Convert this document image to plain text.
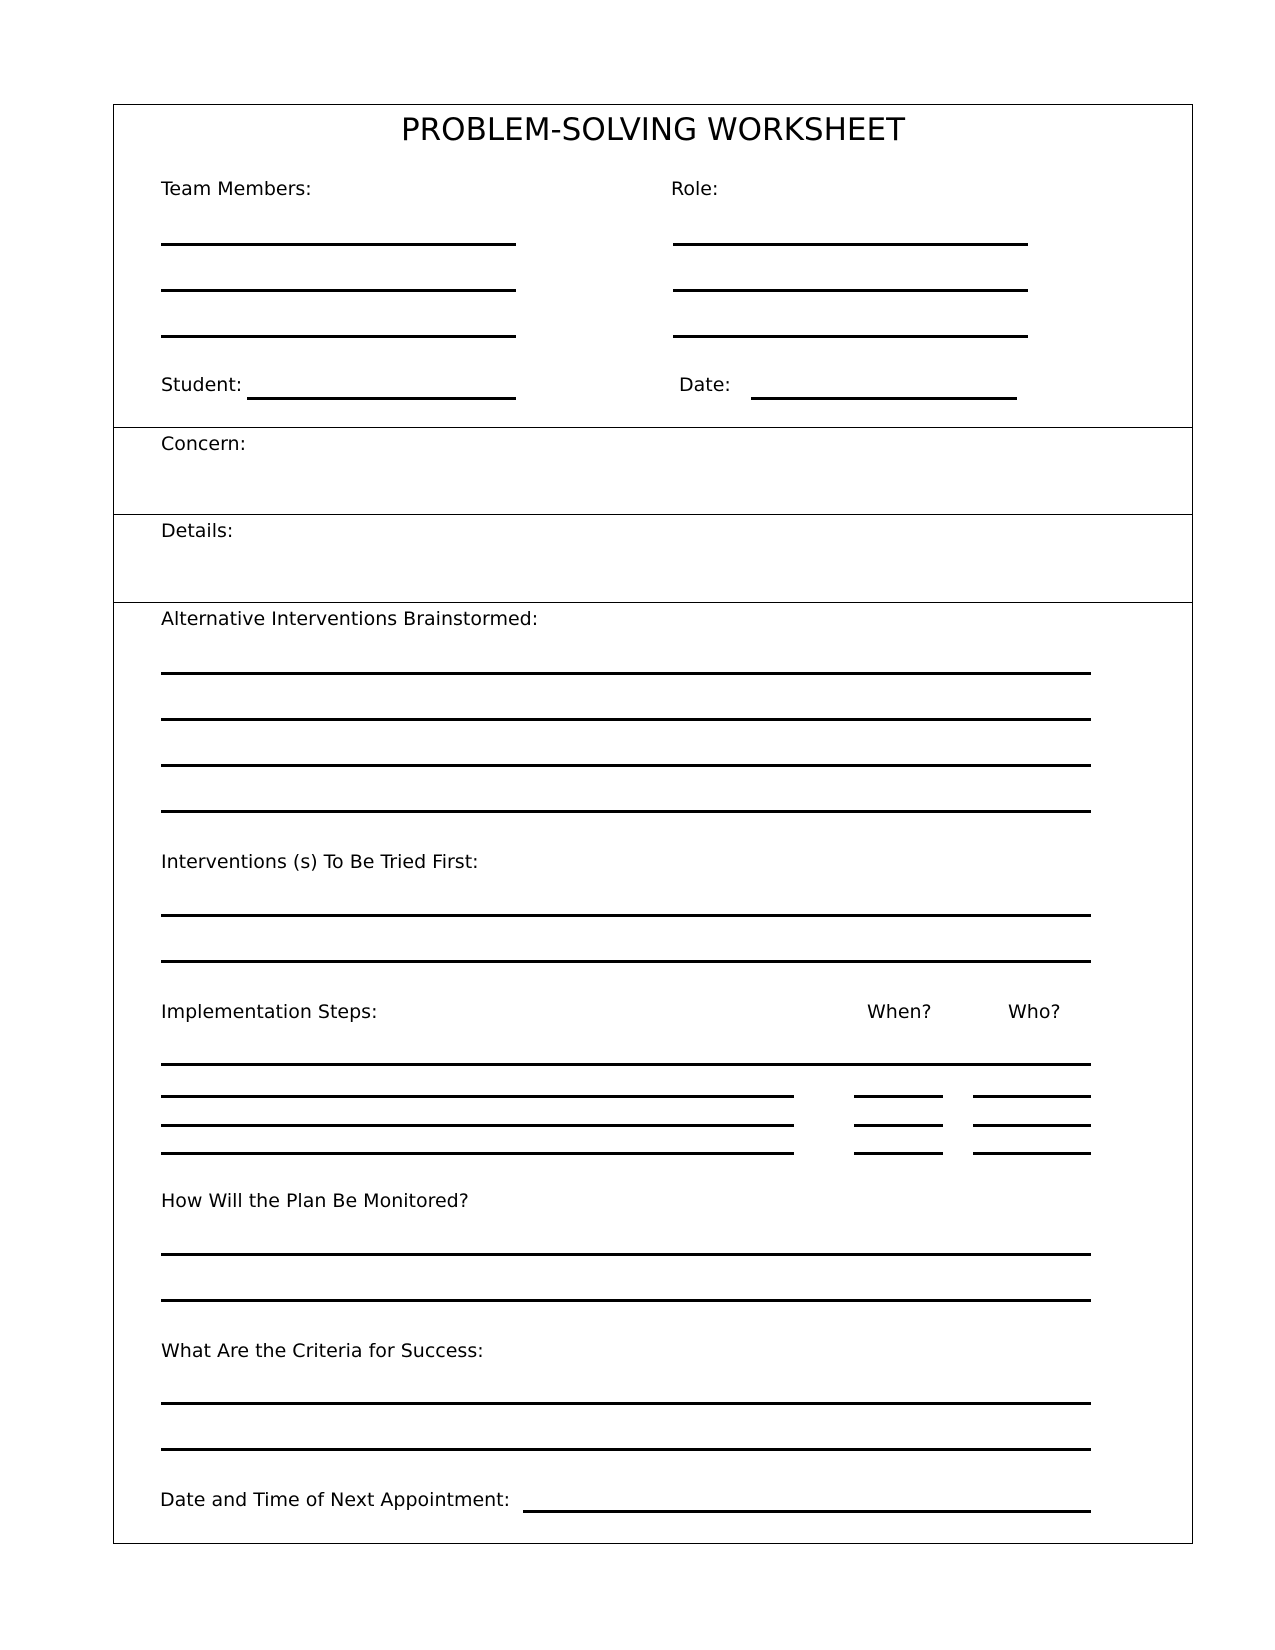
PROBLEM-SOLVING WORKSHEET
Team Members:	Role:
Student:	Date:
Concern:
Details:
Alternative Interventions Brainstormed:
Interventions (s) To Be Tried First:
Implementation Steps:	When?	Who?
How Will the Plan Be Monitored?
What Are the Criteria for Success:
Date and Time of Next Appointment:
